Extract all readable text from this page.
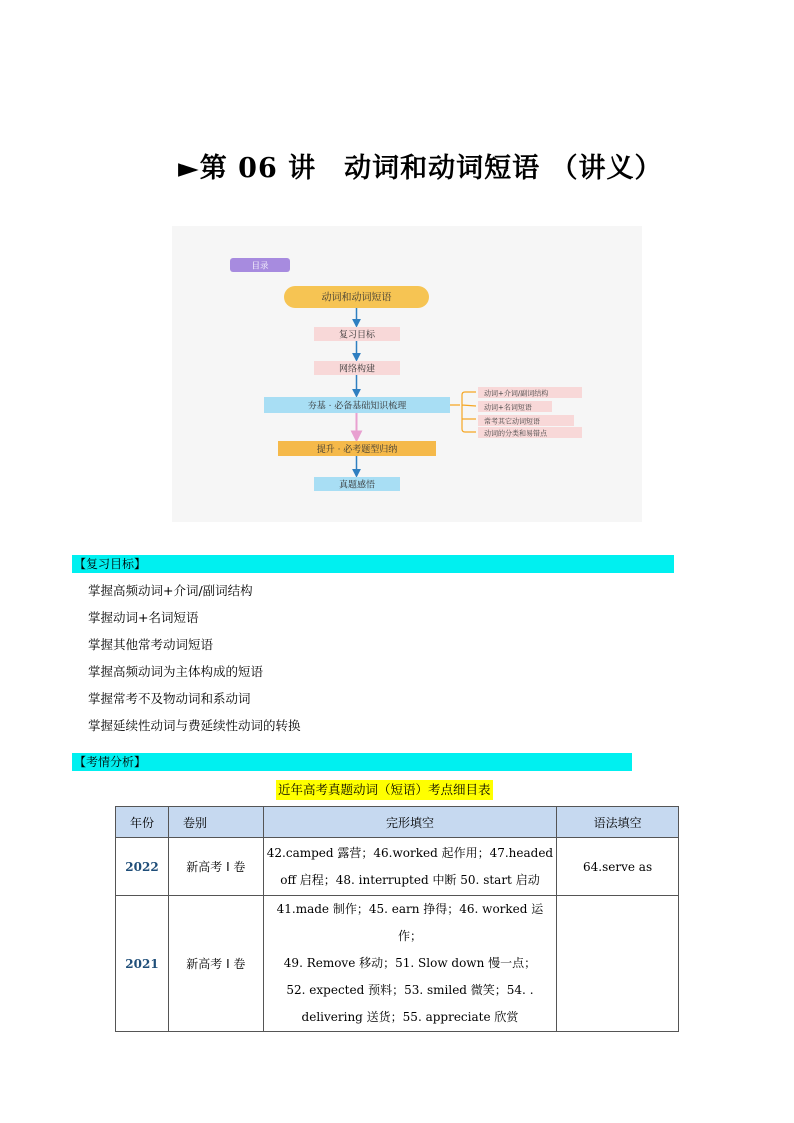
►第 06 讲 动词和动词短语 （讲义）
目录
动词和动词短语
复习目标
网络构建
夯基 · 必备基础知识梳理
提升 · 必考题型归纳
真题感悟
动词+介词/副词结构
动词+名词短语
常考其它动词短语
动词的分类和易错点
【复习目标】
掌握高频动词+介词/副词结构
掌握动词+名词短语
掌握其他常考动词短语
掌握高频动词为主体构成的短语
掌握常考不及物动词和系动词
掌握延续性动词与费延续性动词的转换
【考情分析】
近年高考真题动词（短语）考点细目表
年份	卷别	完形填空	语法填空
2022	新高考 I 卷	42.camped 露营；46.worked 起作用；47.headed
off 启程；48. interrupted 中断 50. start 启动	64.serve as
2021	新高考 I 卷	41.made 制作；45. earn 挣得；46. worked 运作；
49. Remove 移动；51. Slow down 慢一点；
52. expected 预料；53. smiled 微笑；54. .
delivering 送货；55. appreciate 欣赏	
